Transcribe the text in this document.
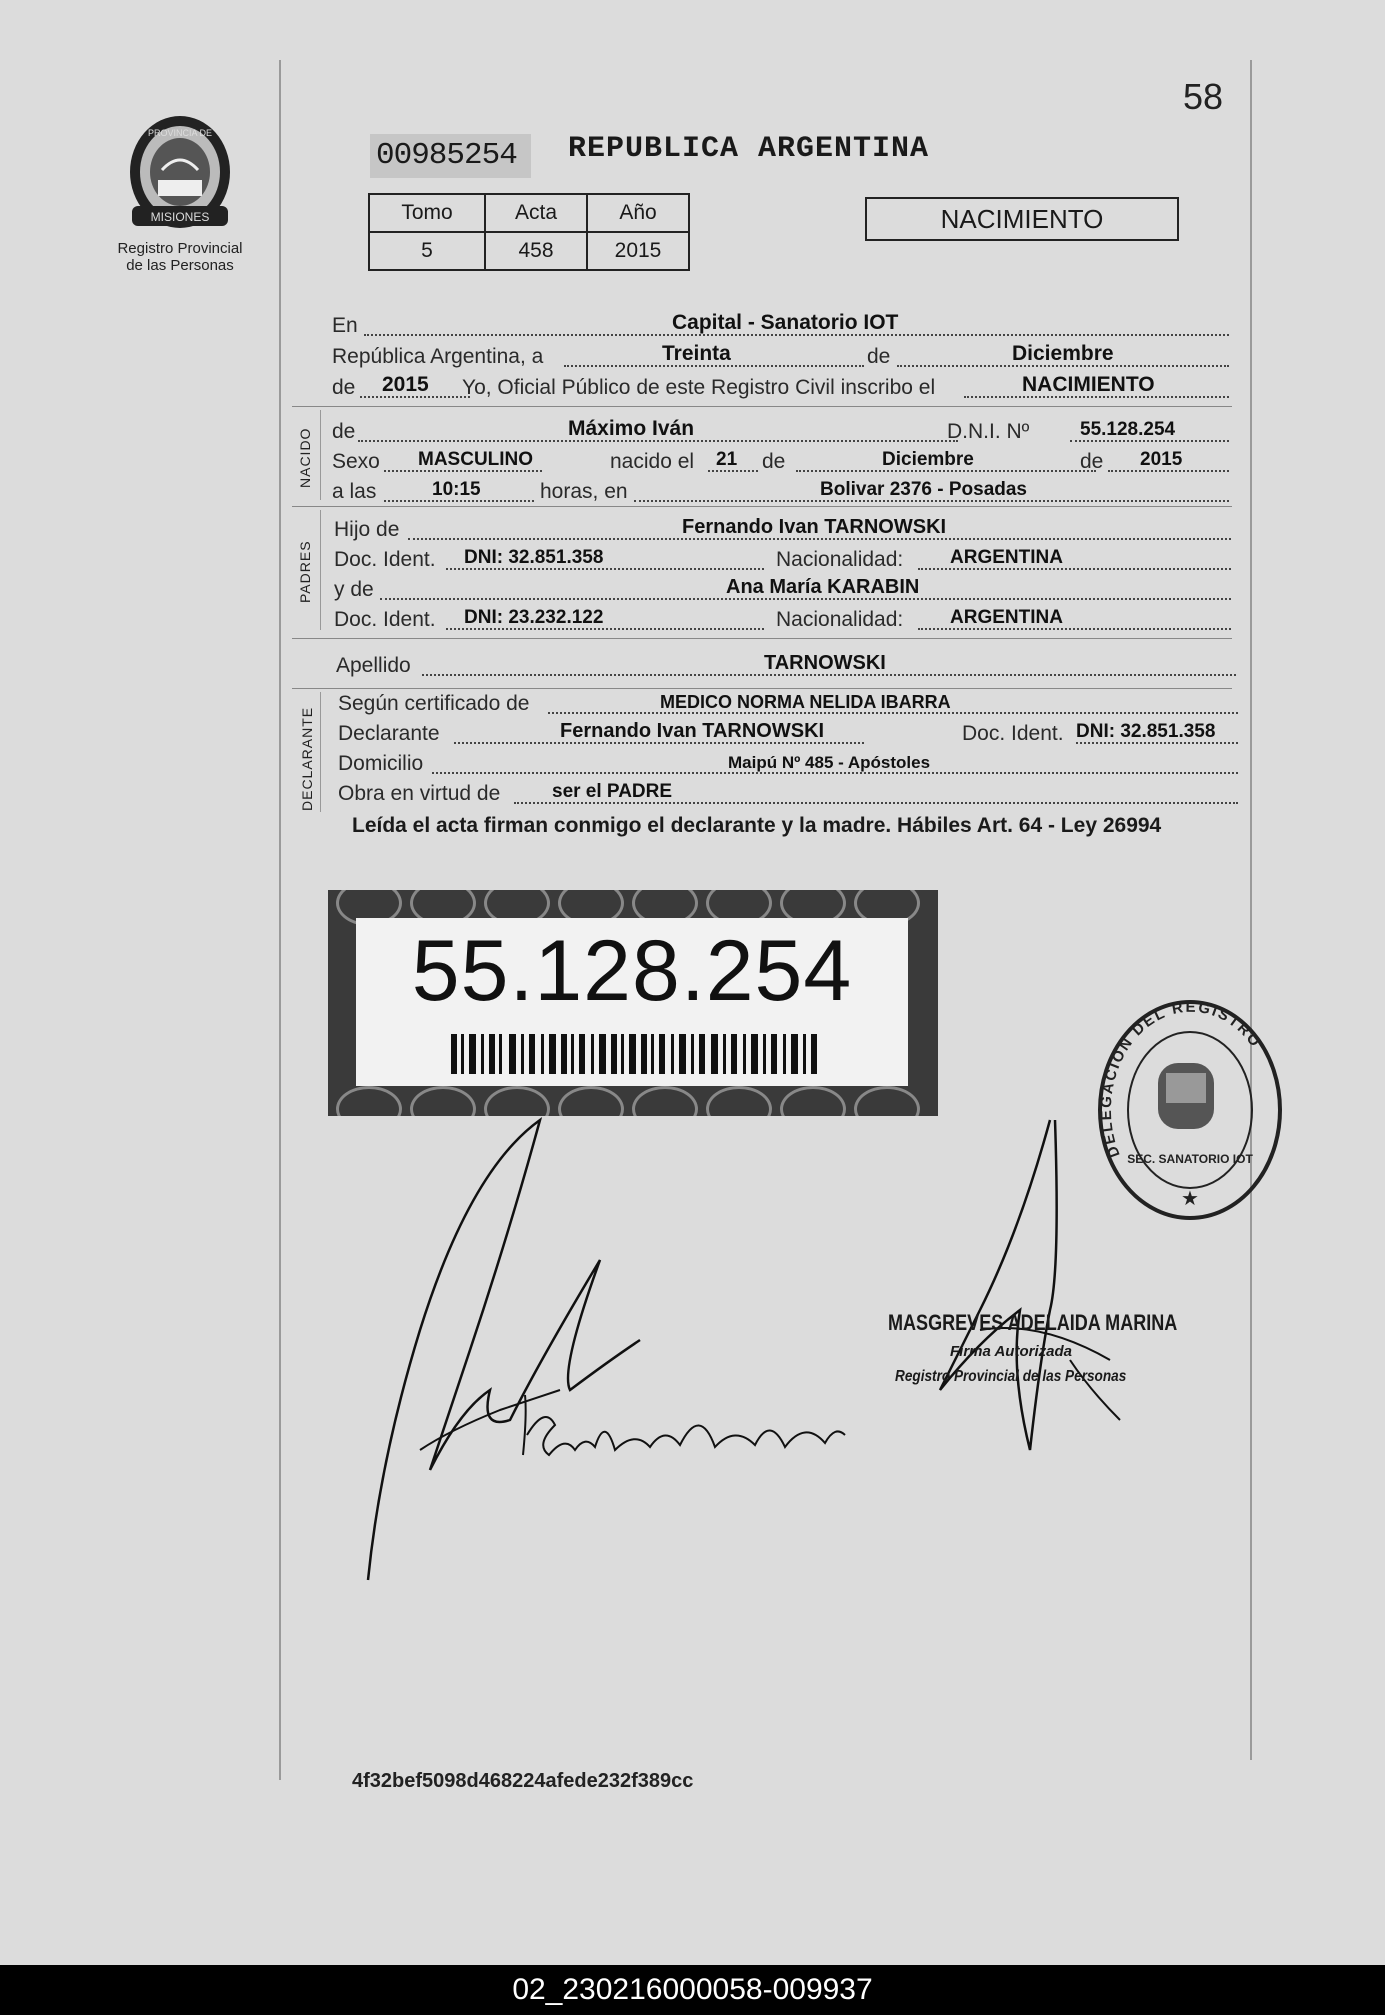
MISIONES
PROVINCIA DE
Registro Provincial
de las Personas
58
00985254	REPUBLICA ARGENTINA
Tomo	Acta	Año
5	458	2015
NACIMIENTO
En	Capital - Sanatorio IOT
República Argentina, a	Treinta	de	Diciembre
de 2015 Yo, Oficial Público de este Registro Civil inscribo el	NACIMIENTO
NACIDO de	Máximo Iván	D.N.I. Nº	55.128.254
Sexo MASCULINO	nacido el 21 de	Diciembre	de 2015
a las	10:15	horas, en	Bolivar 2376 - Posadas
PADRES
Hijo de	Fernando Ivan TARNOWSKI
Doc. Ident. DNI: 32.851.358	Nacionalidad: ARGENTINA
y de	Ana María KARABIN
Doc. Ident. DNI: 23.232.122	Nacionalidad: ARGENTINA
Apellido	TARNOWSKI
DECLARANTE
Según certificado de	MEDICO NORMA NELIDA IBARRA
Declarante	Fernando Ivan TARNOWSKI	Doc. Ident. DNI: 32.851.358
Domicilio	Maipú Nº 485 - Apóstoles
Obra en virtud de	ser el PADRE
Leída el acta firman conmigo el declarante y la madre. Hábiles Art. 64 - Ley 26994
55.128.254
DELEGACION DEL REGISTRO
SEC. SANATORIO IOT
★
MASGREVES ADELAIDA MARINA
Firma Autorizada
Registro Provincial de las Personas
4f32bef5098d468224afede232f389cc
02_230216000058-009937
